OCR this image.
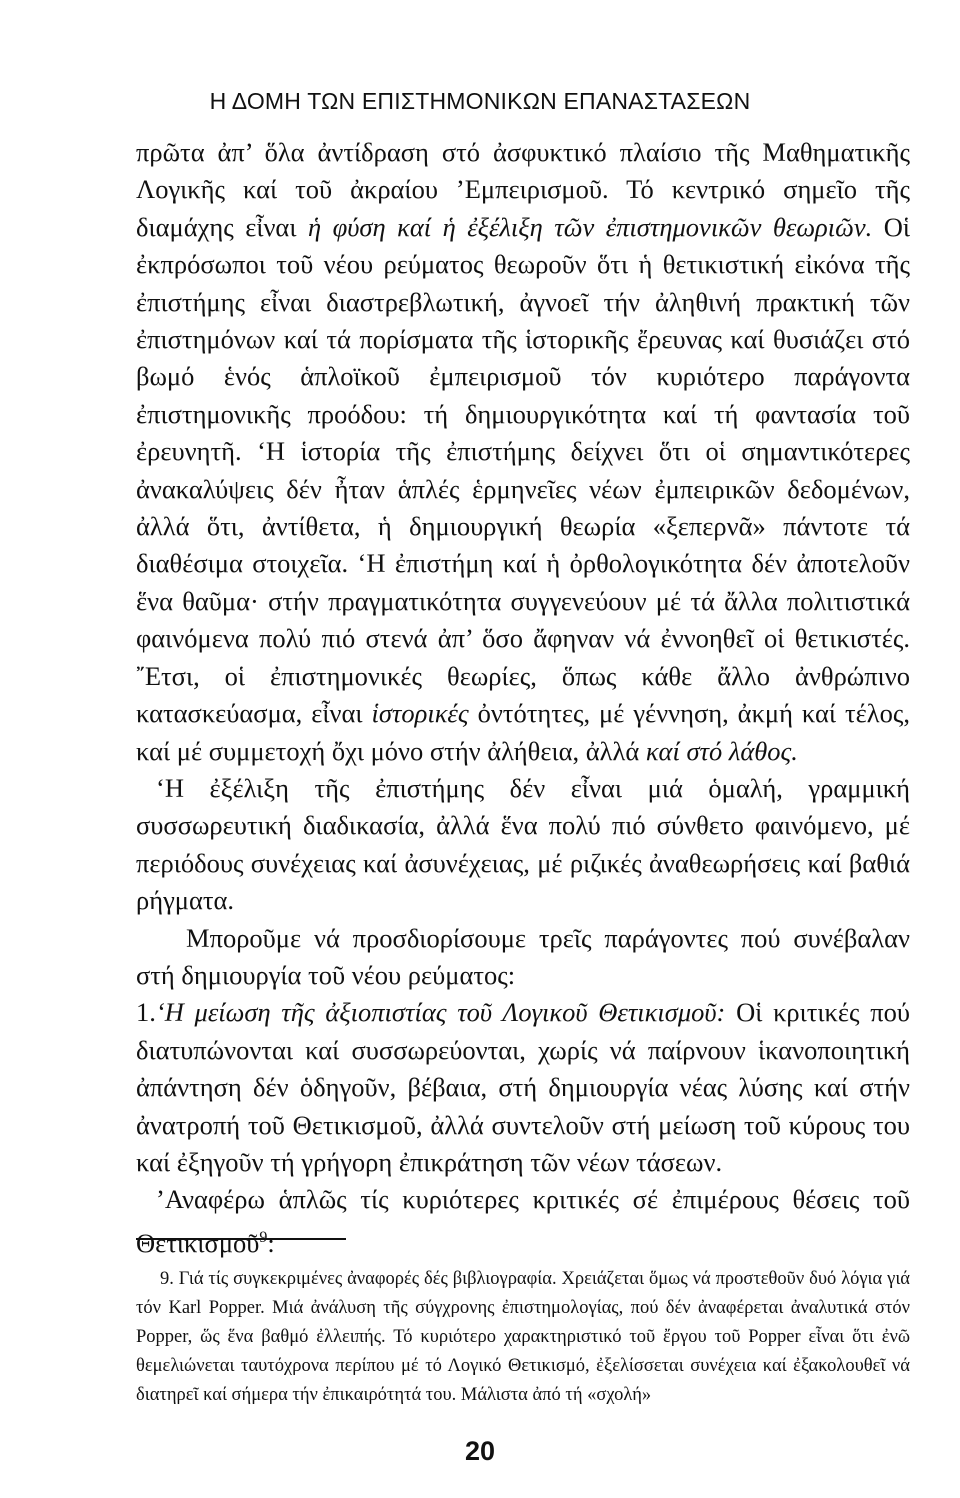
Η ΔΟΜΗ ΤΩΝ ΕΠΙΣΤΗΜΟΝΙΚΩΝ ΕΠΑΝΑΣΤΑΣΕΩΝ

πρῶτα ἀπ’ ὅλα ἀντίδραση στό ἀσφυκτικό πλαίσιο τῆς Μαθηματικῆς Λογικῆς καί τοῦ ἀκραίου ’Εμπειρισμοῦ. Τό κεντρικό σημεῖο τῆς διαμάχης εἶναι ἡ φύση καί ἡ ἐξέλιξη τῶν ἐπιστημονικῶν θεωριῶν. Οἱ ἐκπρόσωποι τοῦ νέου ρεύματος θεωροῦν ὅτι ἡ θετικιστική εἰκόνα τῆς ἐπιστήμης εἶναι διαστρεβλωτική, ἀγνοεῖ τήν ἀληθινή πρακτική τῶν ἐπιστημόνων καί τά πορίσματα τῆς ἱστορικῆς ἔρευνας καί θυσιάζει στό βωμό ἑνός ἁπλοϊκοῦ ἐμπειρισμοῦ τόν κυριότερο παράγοντα ἐπιστημονικῆς προόδου: τή δημιουργικότητα καί τή φαντασία τοῦ ἐρευνητῆ. ‘Η ἱστορία τῆς ἐπιστήμης δείχνει ὅτι οἱ σημαντικότερες ἀνακαλύψεις δέν ἦταν ἁπλές ἑρμηνεῖες νέων ἐμπειρικῶν δεδομένων, ἀλλά ὅτι, ἀντίθετα, ἡ δημιουργική θεωρία «ξεπερνᾶ» πάντοτε τά διαθέσιμα στοιχεῖα. ‘Η ἐπιστήμη καί ἡ ὀρθολογικότητα δέν ἀποτελοῦν ἕνα θαῦμα· στήν πραγματικότητα συγγενεύουν μέ τά ἄλλα πολιτιστικά φαινόμενα πολύ πιό στενά ἀπ’ ὅσο ἄφηναν νά ἐννοηθεῖ οἱ θετικιστές. ῎Ετσι, οἱ ἐπιστημονικές θεωρίες, ὅπως κάθε ἄλλο ἀνθρώπινο κατασκεύασμα, εἶναι ἱστορικές ὀντότητες, μέ γέννηση, ἀκμή καί τέλος, καί μέ συμμετοχή ὄχι μόνο στήν ἀλήθεια, ἀλλά καί στό λάθος.

‘Η ἐξέλιξη τῆς ἐπιστήμης δέν εἶναι μιά ὁμαλή, γραμμική συσσωρευτική διαδικασία, ἀλλά ἕνα πολύ πιό σύνθετο φαινόμενο, μέ περιόδους συνέχειας καί ἀσυνέχειας, μέ ριζικές ἀναθεωρήσεις καί βαθιά ρήγματα.

Μποροῦμε νά προσδιορίσουμε τρεῖς παράγοντες πού συνέβαλαν στή δημιουργία τοῦ νέου ρεύματος:

1.‘Η μείωση τῆς ἀξιοπιστίας τοῦ Λογικοῦ Θετικισμοῦ: Οἱ κριτικές πού διατυπώνονται καί συσσωρεύονται, χωρίς νά παίρνουν ἱκανοποιητική ἀπάντηση δέν ὁδηγοῦν, βέβαια, στή δημιουργία νέας λύσης καί στήν ἀνατροπή τοῦ Θετικισμοῦ, ἀλλά συντελοῦν στή μείωση τοῦ κύρους του καί ἐξηγοῦν τή γρήγορη ἐπικράτηση τῶν νέων τάσεων.

’Αναφέρω ἁπλῶς τίς κυριότερες κριτικές σέ ἐπιμέρους θέσεις τοῦ Θετικισμοῦ$^9$:

9. Γιά τίς συγκεκριμένες ἀναφορές δές βιβλιογραφία. Χρειάζεται ὅμως νά προστεθοῦν δυό λόγια γιά τόν Karl Popper. Μιά ἀνάλυση τῆς σύγχρονης ἐπιστημολογίας, πού δέν ἀναφέρεται ἀναλυτικά στόν Popper, ὥς ἕνα βαθμό ἐλλειπής. Τό κυριότερο χαρακτηριστικό τοῦ ἔργου τοῦ Popper εἶναι ὅτι ἐνῶ θεμελιώνεται ταυτόχρονα περίπου μέ τό Λογικό Θετικισμό, ἐξελίσσεται συνέχεια καί ἐξακολουθεῖ νά διατηρεῖ καί σήμερα τήν ἐπικαιρότητά του. Μάλιστα ἀπό τή «σχολή»

20
